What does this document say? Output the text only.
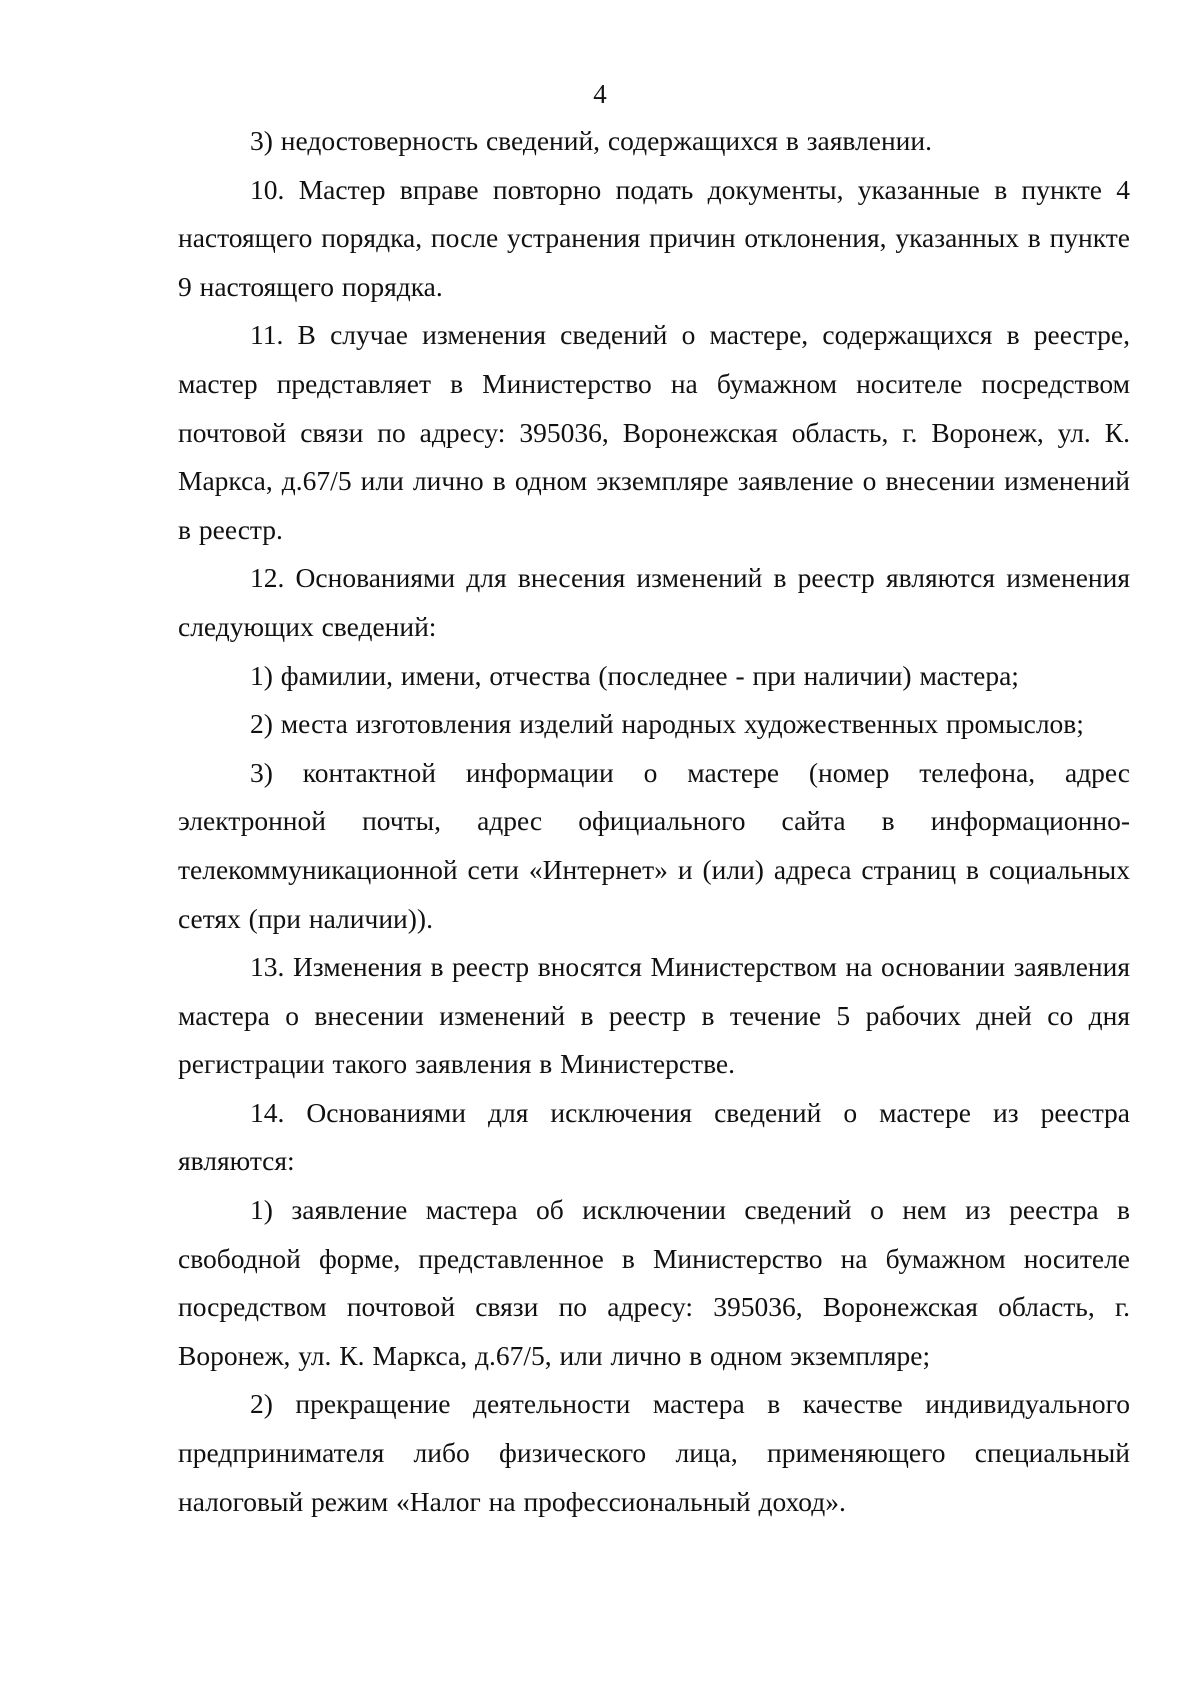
4

3) недостоверность сведений, содержащихся в заявлении.

10. Мастер вправе повторно подать документы, указанные в пункте 4 настоящего порядка, после устранения причин отклонения, указанных в пункте 9 настоящего порядка.

11. В случае изменения сведений о мастере, содержащихся в реестре, мастер представляет в Министерство на бумажном носителе посредством почтовой связи по адресу: 395036, Воронежская область, г. Воронеж, ул. К. Маркса, д.67/5 или лично в одном экземпляре заявление о внесении изменений в реестр.

12. Основаниями для внесения изменений в реестр являются изменения следующих сведений:

1) фамилии, имени, отчества (последнее - при наличии) мастера;

2) места изготовления изделий народных художественных промыслов;

3) контактной информации о мастере (номер телефона, адрес электронной почты, адрес официального сайта в информационно-телекоммуникационной сети «Интернет» и (или) адреса страниц в социальных сетях (при наличии)).

13. Изменения в реестр вносятся Министерством на основании заявления мастера о внесении изменений в реестр в течение 5 рабочих дней со дня регистрации такого заявления в Министерстве.

14. Основаниями для исключения сведений о мастере из реестра являются:

1) заявление мастера об исключении сведений о нем из реестра в свободной форме, представленное в Министерство на бумажном носителе посредством почтовой связи по адресу: 395036, Воронежская область, г. Воронеж, ул. К. Маркса, д.67/5, или лично в одном экземпляре;

2) прекращение деятельности мастера в качестве индивидуального предпринимателя либо физического лица, применяющего специальный налоговый режим «Налог на профессиональный доход».
